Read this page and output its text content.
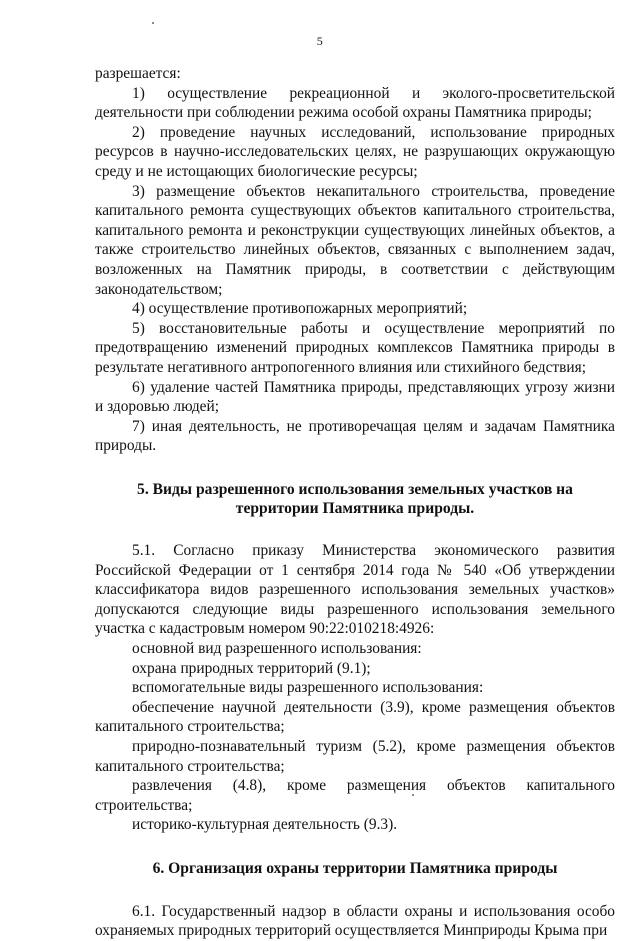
5

разрешается:

1) осуществление рекреационной и эколого-просветительской деятельности при соблюдении режима особой охраны Памятника природы;

2) проведение научных исследований, использование природных ресурсов в научно-исследовательских целях, не разрушающих окружающую среду и не истощающих биологические ресурсы;

3) размещение объектов некапитального строительства, проведение капитального ремонта существующих объектов капитального строительства, капитального ремонта и реконструкции существующих линейных объектов, а также строительство линейных объектов, связанных с выполнением задач, возложенных на Памятник природы, в соответствии с действующим законодательством;

4) осуществление противопожарных мероприятий;

5) восстановительные работы и осуществление мероприятий по предотвращению изменений природных комплексов Памятника природы в результате негативного антропогенного влияния или стихийного бедствия;

6) удаление частей Памятника природы, представляющих угрозу жизни и здоровью людей;

7) иная деятельность, не противоречащая целям и задачам Памятника природы.

5. Виды разрешенного использования земельных участков на территории Памятника природы.

5.1. Согласно приказу Министерства экономического развития Российской Федерации от 1 сентября 2014 года № 540 «Об утверждении классификатора видов разрешенного использования земельных участков» допускаются следующие виды разрешенного использования земельного участка с кадастровым номером 90:22:010218:4926:

основной вид разрешенного использования:

охрана природных территорий (9.1);

вспомогательные виды разрешенного использования:

обеспечение научной деятельности (3.9), кроме размещения объектов капитального строительства;

природно-познавательный туризм (5.2), кроме размещения объектов капитального строительства;

развлечения (4.8), кроме размещения объектов капитального строительства;

историко-культурная деятельность (9.3).

6. Организация охраны территории Памятника природы

6.1. Государственный надзор в области охраны и использования особо охраняемых природных территорий осуществляется Минприроды Крыма при
